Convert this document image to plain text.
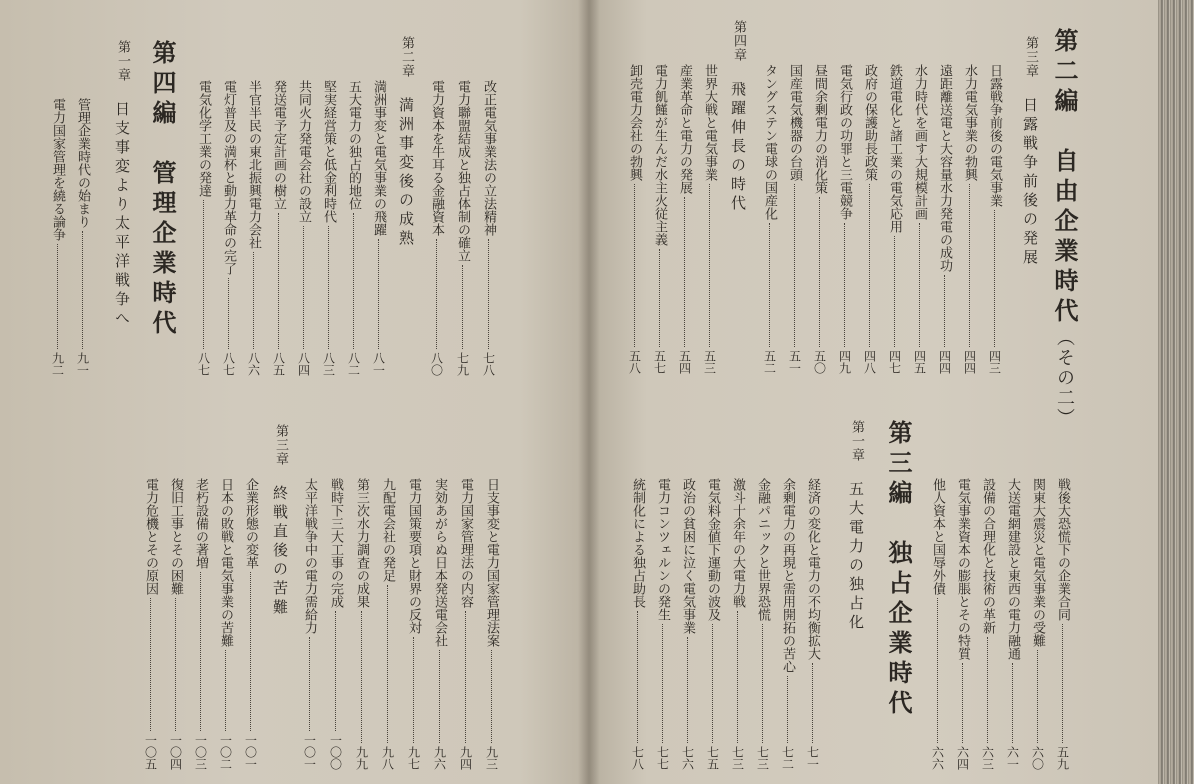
第二編　自由企業時代（その二）
第三章　日露戦争前後の発展
日露戦争前後の電気事業
四三
水力電気事業の勃興
四四
遠距離送電と大容量水力発電の成功
四四
水力時代を画す大規模計画
四五
鉄道電化と諸工業の電気応用
四七
政府の保護助長政策
四八
電気行政の功罪と三電競争
四九
昼間余剰電力の消化策
五〇
国産電気機器の台頭
五一
タングステン電球の国産化
五二
第四章　飛躍伸長の時代
世界大戦と電気事業
五三
産業革命と電力の発展
五四
電力飢饉が生んだ水主火従主義
五七
卸売電力会社の勃興
五八
戦後大恐慌下の企業合同
五九
関東大震災と電気事業の受難
六〇
大送電網建設と東西の電力融通
六一
設備の合理化と技術の革新
六三
電気事業資本の膨脹とその特質
六四
他人資本と国辱外債
六六
第三編　独占企業時代
第一章　五大電力の独占化
経済の変化と電力の不均衡拡大
七一
余剰電力の再現と需用開拓の苦心
七二
金融パニックと世界恐慌
七三
激斗十余年の大電力戦
七三
電気料金値下運動の波及
七五
政治の貧困に泣く電気事業
七六
電力コンツェルンの発生
七七
統制化による独占助長
七八
改正電気事業法の立法精神
七八
電力聯盟結成と独占体制の確立
七九
電力資本を牛耳る金融資本
八〇
第二章　満洲事変後の成熟
満洲事変と電気事業の飛躍
八一
五大電力の独占的地位
八二
堅実経営策と低金利時代
八三
共同火力発電会社の設立
八四
発送電予定計画の樹立
八五
半官半民の東北振興電力会社
八六
電灯普及の満杯と動力革命の完了
八七
電気化学工業の発達
八七
第四編　管理企業時代
第一章　日支事変より太平洋戦争へ
管理企業時代の始まり
九一
電力国家管理を繞る論争
九二
日支事変と電力国家管理法案
九三
電力国家管理法の内容
九四
実効あがらぬ日本発送電会社
九六
電力国策要項と財界の反対
九七
九配電会社の発足
九八
第三次水力調査の成果
九九
戦時下三大工事の完成
一〇〇
太平洋戦争中の電力需給力
一〇一
第三章　終戦直後の苦難
企業形態の変革
一〇一
日本の敗戦と電気事業の苦難
一〇二
老朽設備の著増
一〇三
復旧工事とその困難
一〇四
電力危機とその原因
一〇五
